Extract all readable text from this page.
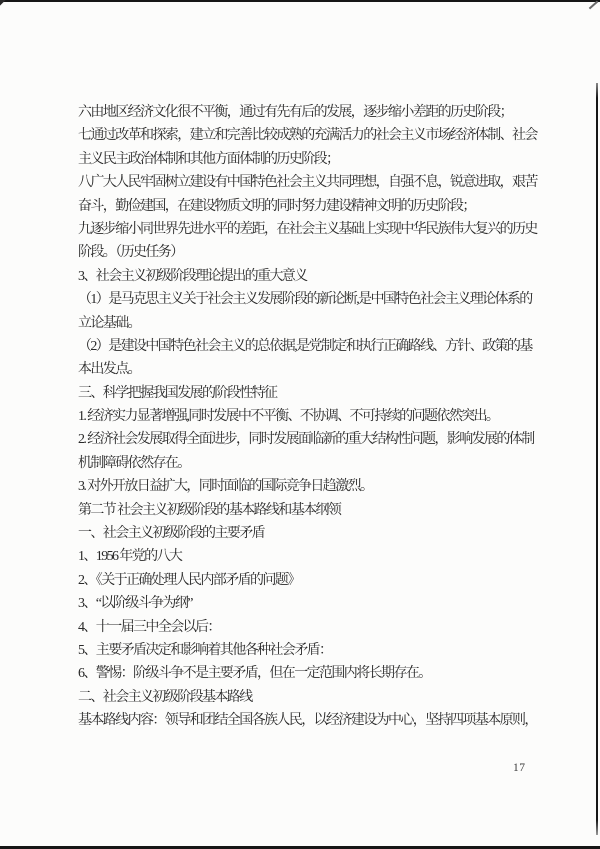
六由地区经济文化很不平衡，通过有先有后的发展，逐步缩小差距的历史阶段；
七通过改革和探索，建立和完善比较成熟的充满活力的社会主义市场经济体制、社会
主义民主政治体制和其他方面体制的历史阶段；
八广大人民牢固树立建设有中国特色社会主义共同理想，自强不息，锐意进取，艰苦
奋斗，勤俭建国，在建设物质文明的同时努力建设精神文明的历史阶段；
九逐步缩小同世界先进水平的差距，在社会主义基础上实现中华民族伟大复兴的历史
阶段。（历史任务）
3、社会主义初级阶段理论提出的重大意义
（1）是马克思主义关于社会主义发展阶段的新论断,是中国特色社会主义理论体系的
立论基础。
（2）是建设中国特色社会主义的总依据,是党制定和执行正确路线、方针、政策的基
本出发点。
三、科学把握我国发展的阶段性特征
1. 经济实力显著增强,同时发展中不平衡、不协调、不可持续的问题依然突出。
2. 经济社会发展取得全面进步，同时发展面临新的重大结构性问题，影响发展的体制
机制障碍依然存在。
3. 对外开放日益扩大，同时面临的国际竞争日趋激烈。
第二节 社会主义初级阶段的基本路线和基本纲领
一、社会主义初级阶段的主要矛盾
1、1956 年党的八大
2、《关于正确处理人民内部矛盾的问题》
3、“以阶级斗争为纲”
4、十一届三中全会以后：
5、主要矛盾决定和影响着其他各种社会矛盾：
6、警惕：阶级斗争不是主要矛盾，但在一定范围内将长期存在。
二、社会主义初级阶段基本路线
基本路线内容：领导和团结全国各族人民，以经济建设为中心，坚持四项基本原则，
17
